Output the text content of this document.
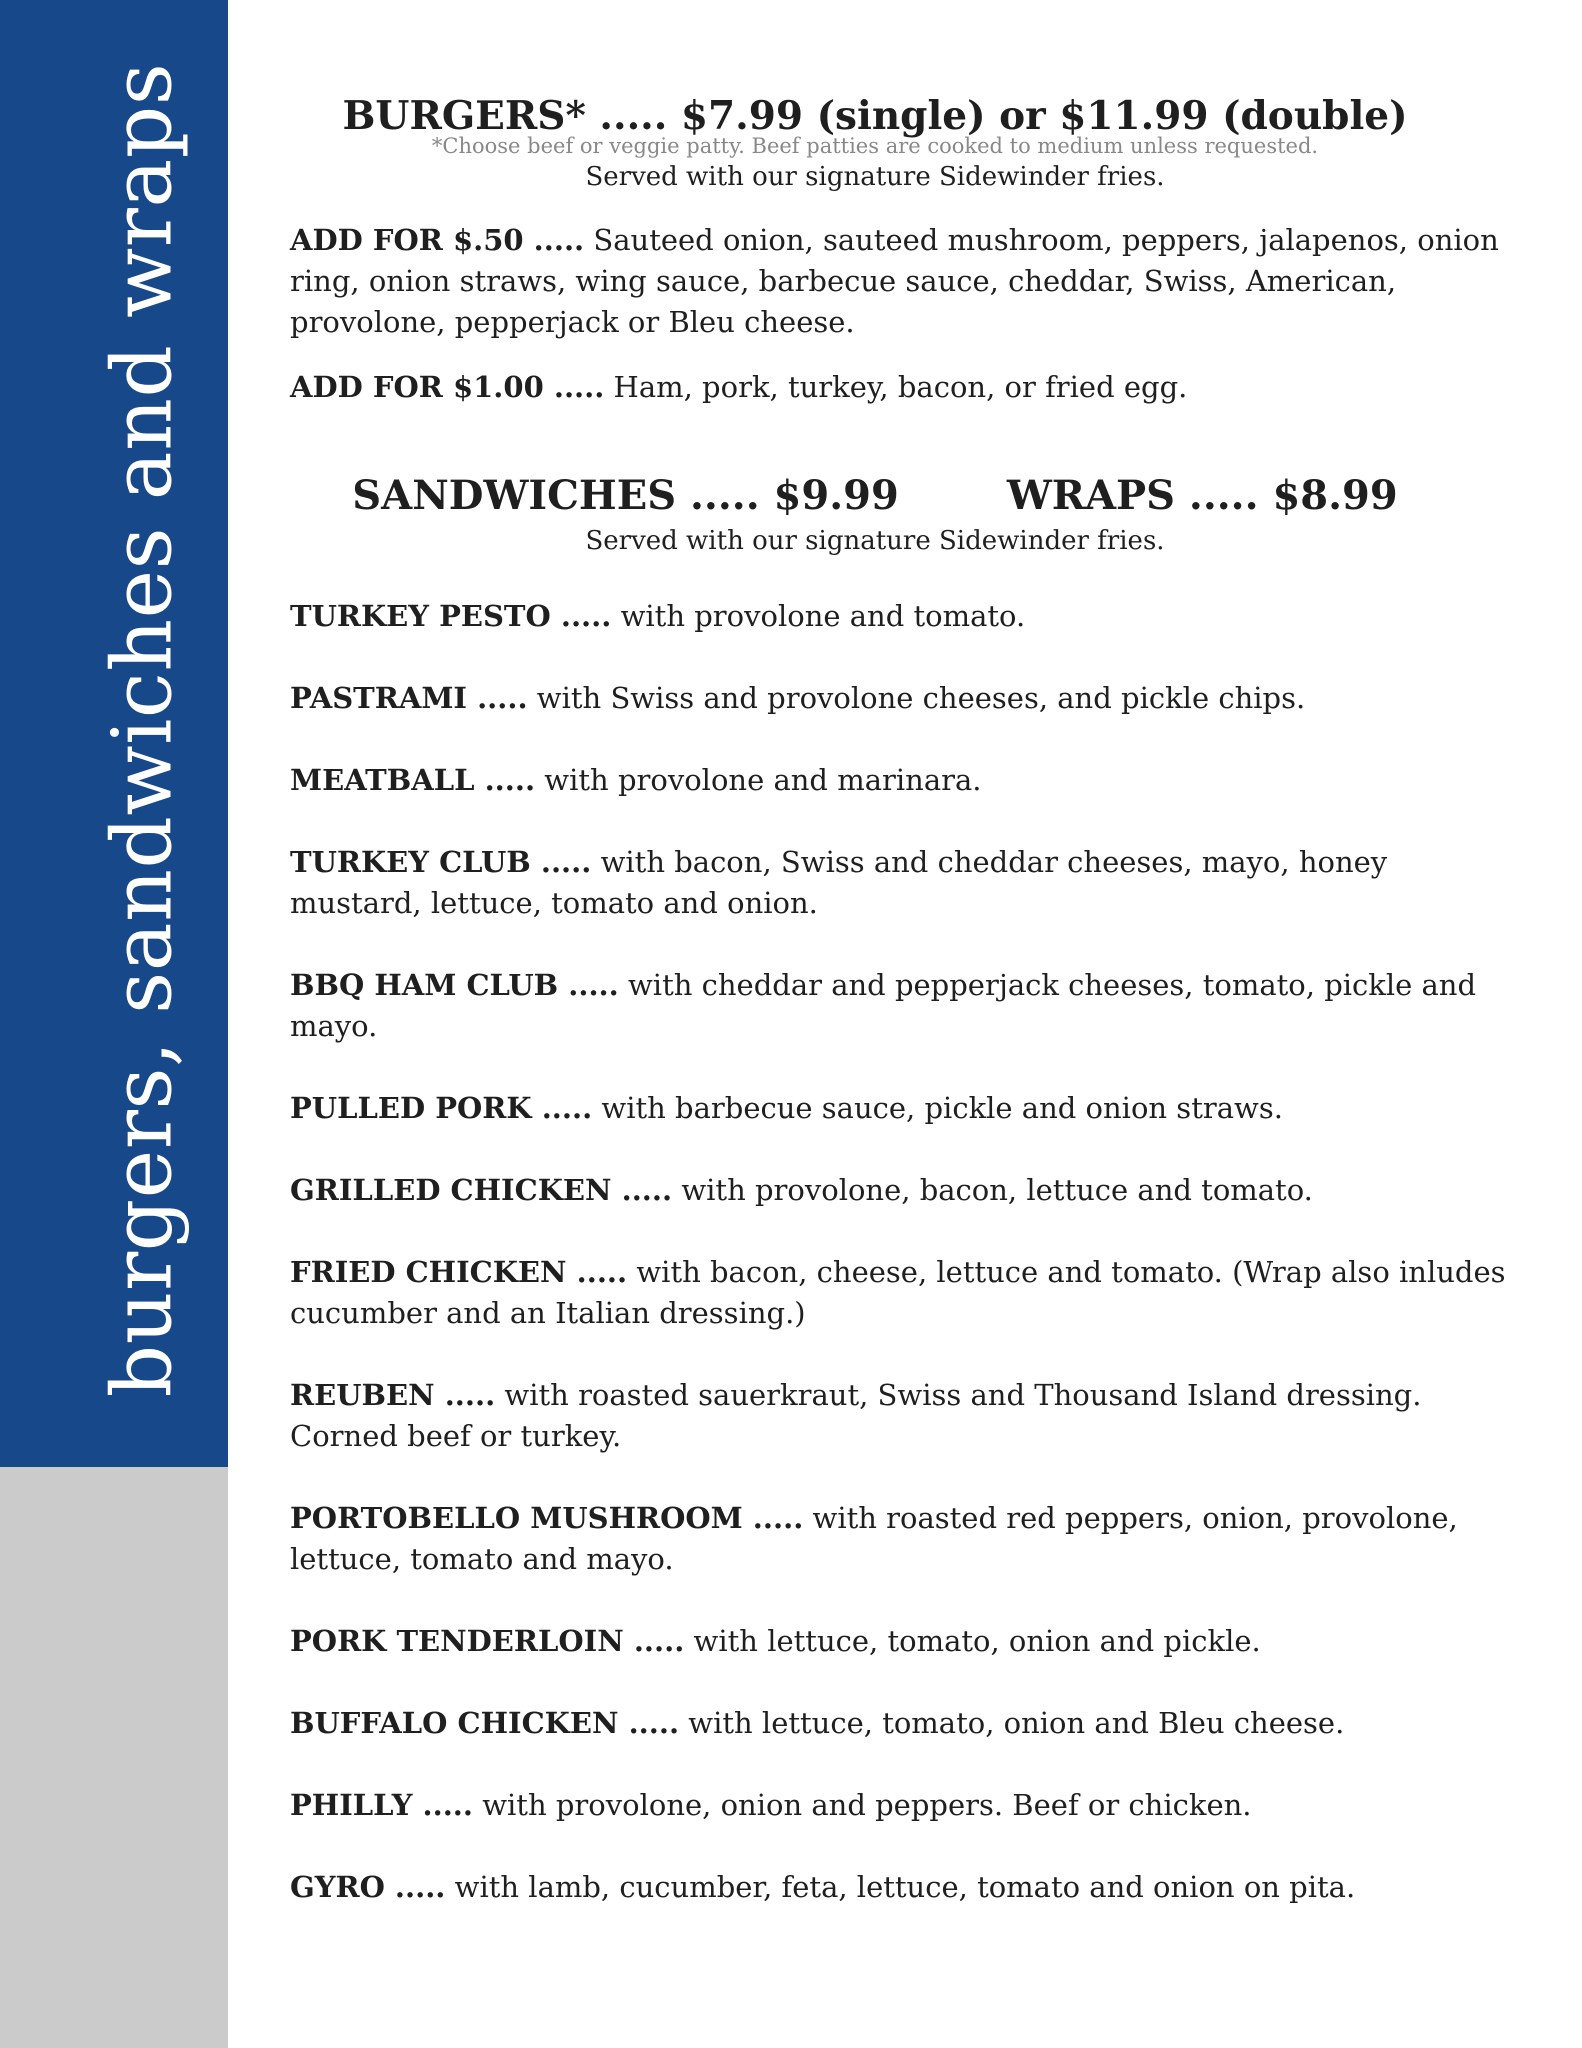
burgers, sandwiches and wraps	BURGERS* ..... $7.99 (single) or $11.99 (double)
*Choose beef or veggie patty. Beef patties are cooked to medium unless requested.
Served with our signature Sidewinder fries.
ADD FOR $.50 ..... Sauteed onion, sauteed mushroom, peppers, jalapenos, onion ring, onion straws, wing sauce, barbecue sauce, cheddar, Swiss, American, provolone, pepperjack or Bleu cheese.
ADD FOR $1.00 ..... Ham, pork, turkey, bacon, or fried egg.
SANDWICHES ..... $9.99	WRAPS ..... $8.99
Served with our signature Sidewinder fries.
TURKEY PESTO ..... with provolone and tomato.
PASTRAMI ..... with Swiss and provolone cheeses, and pickle chips.
MEATBALL ..... with provolone and marinara.
TURKEY CLUB ..... with bacon, Swiss and cheddar cheeses, mayo, honey mustard, lettuce, tomato and onion.
BBQ HAM CLUB ..... with cheddar and pepperjack cheeses, tomato, pickle and mayo.
PULLED PORK ..... with barbecue sauce, pickle and onion straws.
GRILLED CHICKEN ..... with provolone, bacon, lettuce and tomato.
FRIED CHICKEN ..... with bacon, cheese, lettuce and tomato. (Wrap also inludes cucumber and an Italian dressing.)
REUBEN ..... with roasted sauerkraut, Swiss and Thousand Island dressing. Corned beef or turkey.
PORTOBELLO MUSHROOM ..... with roasted red peppers, onion, provolone, lettuce, tomato and mayo.
PORK TENDERLOIN ..... with lettuce, tomato, onion and pickle.
BUFFALO CHICKEN ..... with lettuce, tomato, onion and Bleu cheese.
PHILLY ..... with provolone, onion and peppers. Beef or chicken.
GYRO ..... with lamb, cucumber, feta, lettuce, tomato and onion on pita.
